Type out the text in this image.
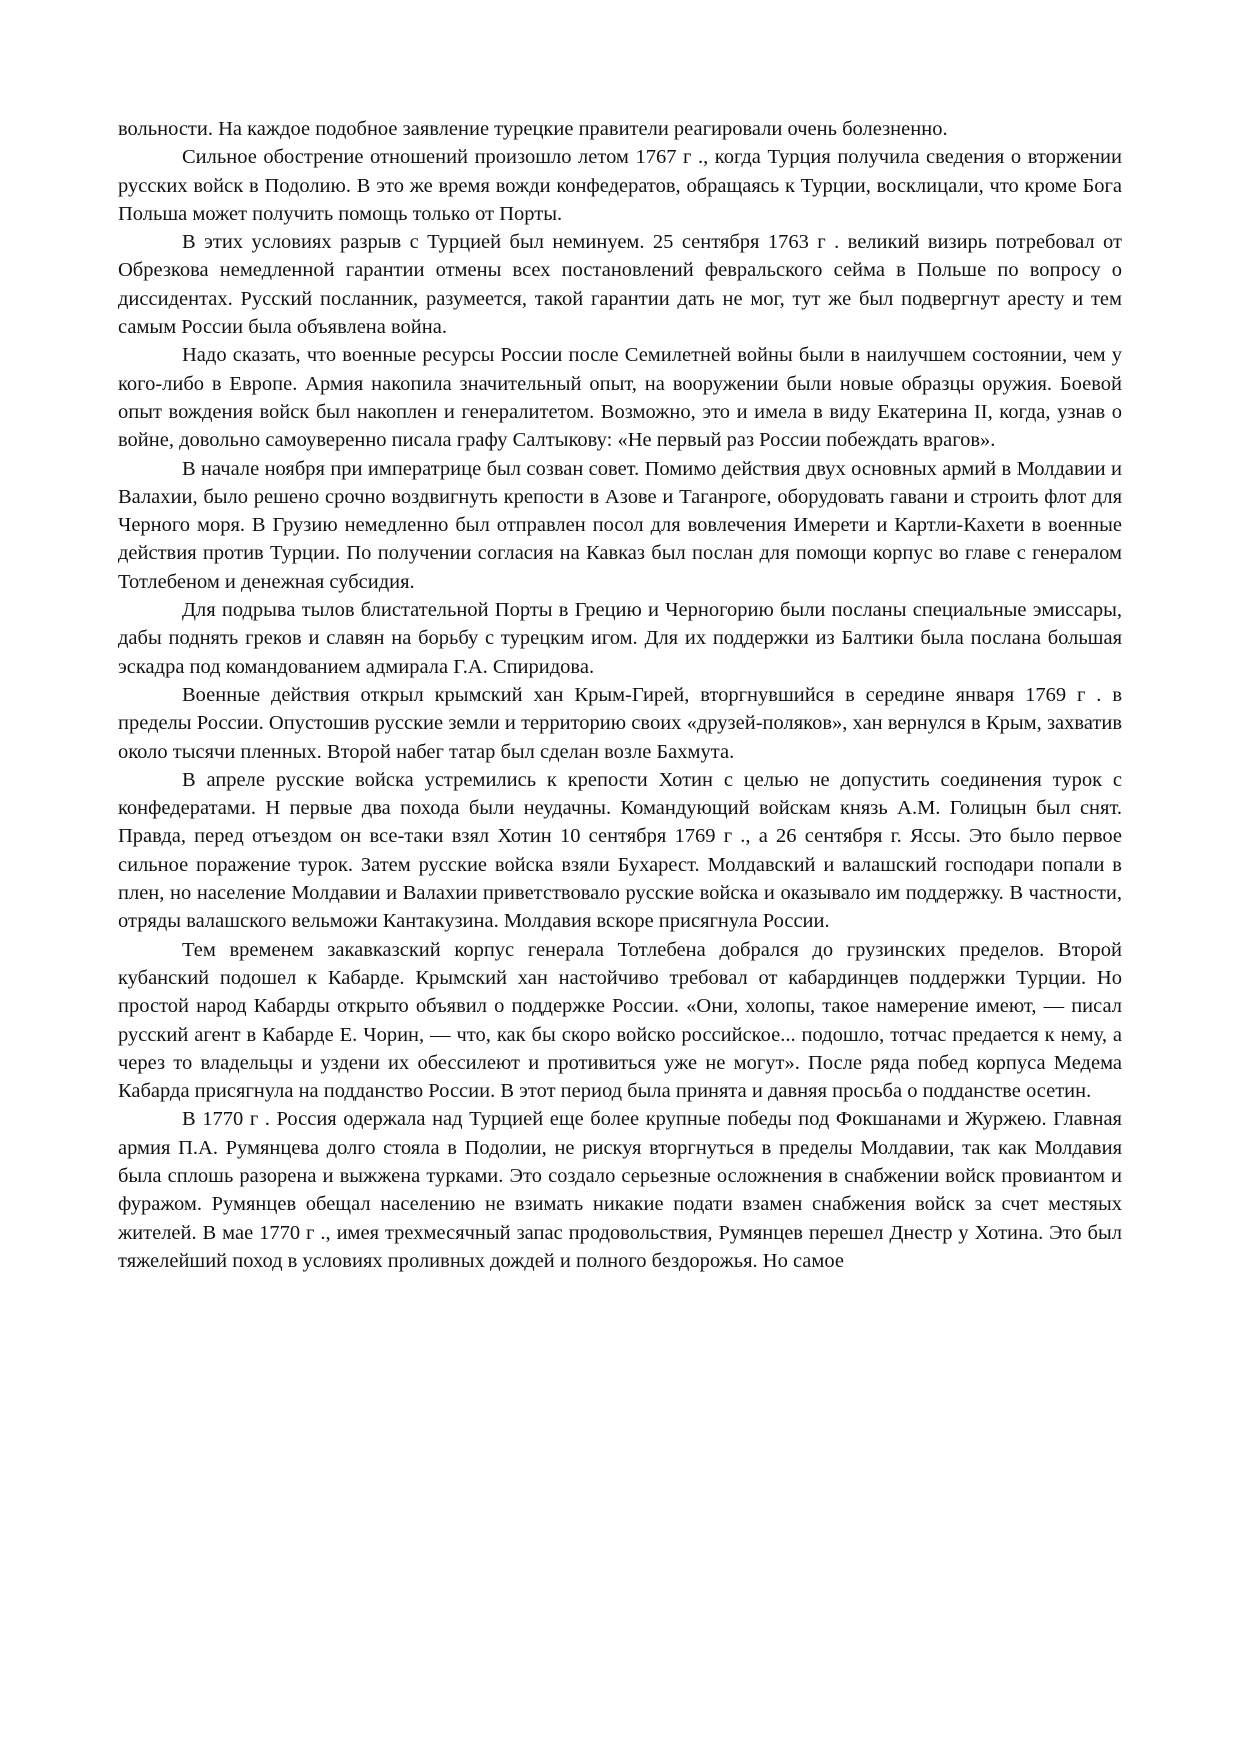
вольности. На каждое подобное заявление турецкие правители реагировали очень болезненно.

Сильное обострение отношений произошло летом 1767 г ., когда Турция получила сведения о вторжении русских войск в Подолию. В это же время вожди конфедератов, обращаясь к Турции, восклицали, что кроме Бога Польша может получить помощь только от Порты.

В этих условиях разрыв с Турцией был неминуем. 25 сентября 1763 г . великий визирь потребовал от Обрезкова немедленной гарантии отмены всех постановлений февральского сейма в Польше по вопросу о диссидентах. Русский посланник, разумеется, такой гарантии дать не мог, тут же был подвергнут аресту и тем самым России была объявлена война.

Надо сказать, что военные ресурсы России после Семилетней войны были в наилучшем состоянии, чем у кого-либо в Европе. Армия накопила значительный опыт, на вооружении были новые образцы оружия. Боевой опыт вождения войск был накоплен и генералитетом. Возможно, это и имела в виду Екатерина II, когда, узнав о войне, довольно самоуверенно писала графу Салтыкову: «Не первый раз России побеждать врагов».

В начале ноября при императрице был созван совет. Помимо действия двух основных армий в Молдавии и Валахии, было решено срочно воздвигнуть крепости в Азове и Таганроге, оборудовать гавани и строить флот для Черного моря. В Грузию немедленно был отправлен посол для вовлечения Имерети и Картли-Кахети в военные действия против Турции. По получении согласия на Кавказ был послан для помощи корпус во главе с генералом Тотлебеном и денежная субсидия.

Для подрыва тылов блистательной Порты в Грецию и Черногорию были посланы специальные эмиссары, дабы поднять греков и славян на борьбу с турецким игом. Для их поддержки из Балтики была послана большая эскадра под командованием адмирала Г.А. Спиридова.

Военные действия открыл крымский хан Крым-Гирей, вторгнувшийся в середине января 1769 г . в пределы России. Опустошив русские земли и территорию своих «друзей-поляков», хан вернулся в Крым, захватив около тысячи пленных. Второй набег татар был сделан возле Бахмута.

В апреле русские войска устремились к крепости Хотин с целью не допустить соединения турок с конфедератами. Н первые два похода были неудачны. Командующий войскам князь А.М. Голицын был снят. Правда, перед отъездом он все-таки взял Хотин 10 сентября 1769 г ., а 26 сентября г. Яссы. Это было первое сильное поражение турок. Затем русские войска взяли Бухарест. Молдавский и валашский господари попали в плен, но население Молдавии и Валахии приветствовало русские войска и оказывало им поддержку. В частности, отряды валашского вельможи Кантакузина. Молдавия вскоре присягнула России.

Тем временем закавказский корпус генерала Тотлебена добрался до грузинских пределов. Второй кубанский подошел к Кабарде. Крымский хан настойчиво требовал от кабардинцев поддержки Турции. Но простой народ Кабарды открыто объявил о поддержке России. «Они, холопы, такое намерение имеют, — писал русский агент в Кабарде Е. Чорин, — что, как бы скоро войско российское... подошло, тотчас предается к нему, а через то владельцы и уздени их обессилеют и противиться уже не могут». После ряда побед корпуса Медема Кабарда присягнула на подданство России. В этот период была принята и давняя просьба о подданстве осетин.

В 1770 г . Россия одержала над Турцией еще более крупные победы под Фокшанами и Журжею. Главная армия П.А. Румянцева долго стояла в Подолии, не рискуя вторгнуться в пределы Молдавии, так как Молдавия была сплошь разорена и выжжена турками. Это создало серьезные осложнения в снабжении войск провиантом и фуражом. Румянцев обещал населению не взимать никакие подати взамен снабжения войск за счет местяых жителей. В мае 1770 г ., имея трехмесячный запас продовольствия, Румянцев перешел Днестр у Хотина. Это был тяжелейший поход в условиях проливных дождей и полного бездорожья. Но самое
